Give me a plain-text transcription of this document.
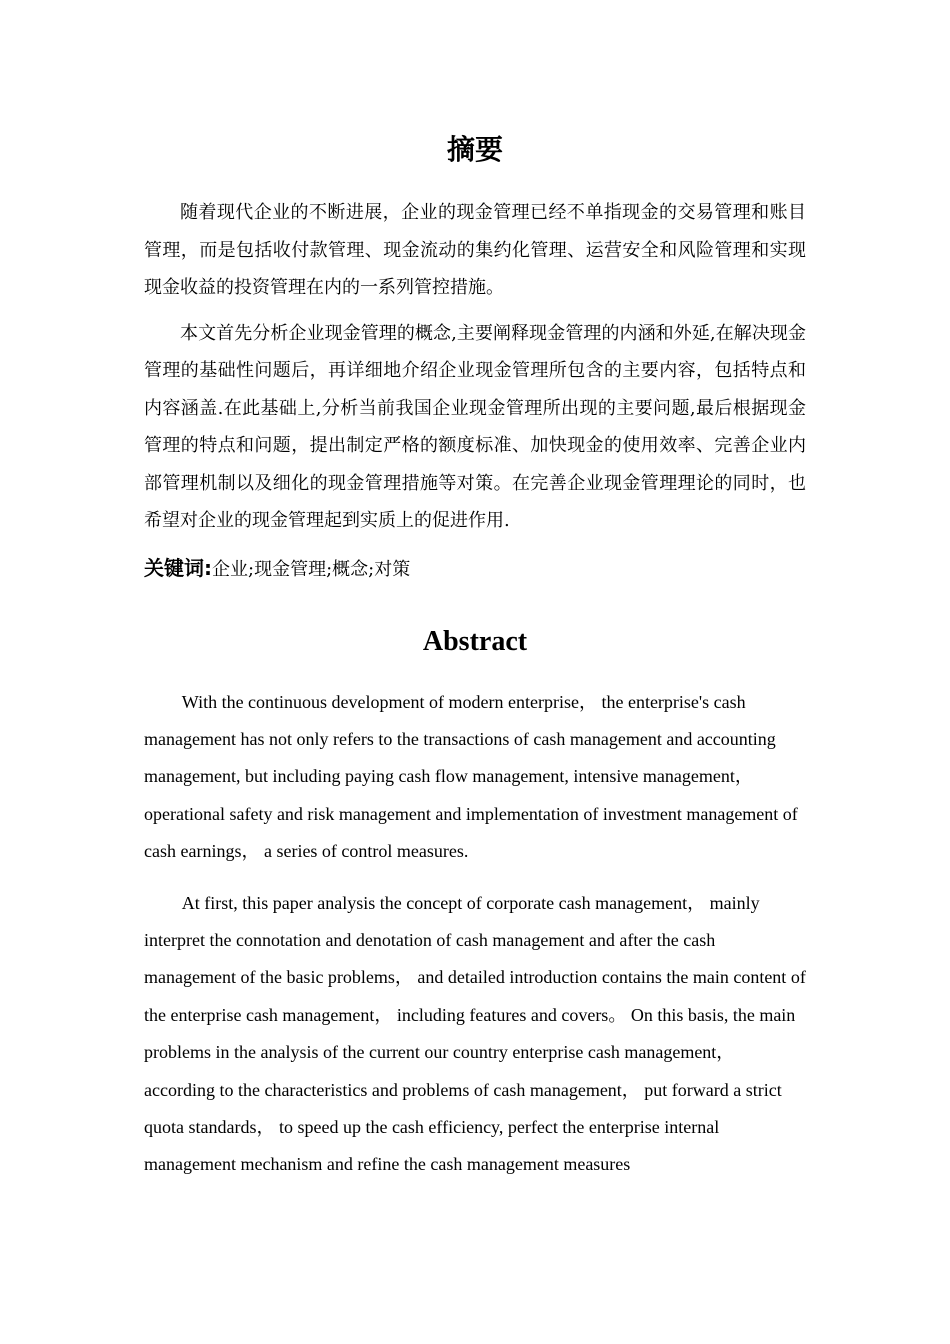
摘要

随着现代企业的不断进展，企业的现金管理已经不单指现金的交易管理和账目管理，而是包括收付款管理、现金流动的集约化管理、运营安全和风险管理和实现现金收益的投资管理在内的一系列管控措施。

本文首先分析企业现金管理的概念,主要阐释现金管理的内涵和外延,在解决现金管理的基础性问题后，再详细地介绍企业现金管理所包含的主要内容，包括特点和内容涵盖.在此基础上,分析当前我国企业现金管理所出现的主要问题,最后根据现金管理的特点和问题，提出制定严格的额度标准、加快现金的使用效率、完善企业内部管理机制以及细化的现金管理措施等对策。在完善企业现金管理理论的同时，也希望对企业的现金管理起到实质上的促进作用.

关键词:企业;现金管理;概念;对策
Abstract

With the continuous development of modern enterprise， the enterprise's cash management has not only refers to the transactions of cash management and accounting management, but including paying cash flow management, intensive management， operational safety and risk management and implementation of investment management of cash earnings， a series of control measures.

At first, this paper analysis the concept of corporate cash management， mainly interpret the connotation and denotation of cash management and after the cash management of the basic problems， and detailed introduction contains the main content of the enterprise cash management， including features and covers。 On this basis, the main problems in the analysis of the current our country enterprise cash management， according to the characteristics and problems of cash management， put forward a strict quota standards， to speed up the cash efficiency, perfect the enterprise internal management mechanism and refine the cash management measures
